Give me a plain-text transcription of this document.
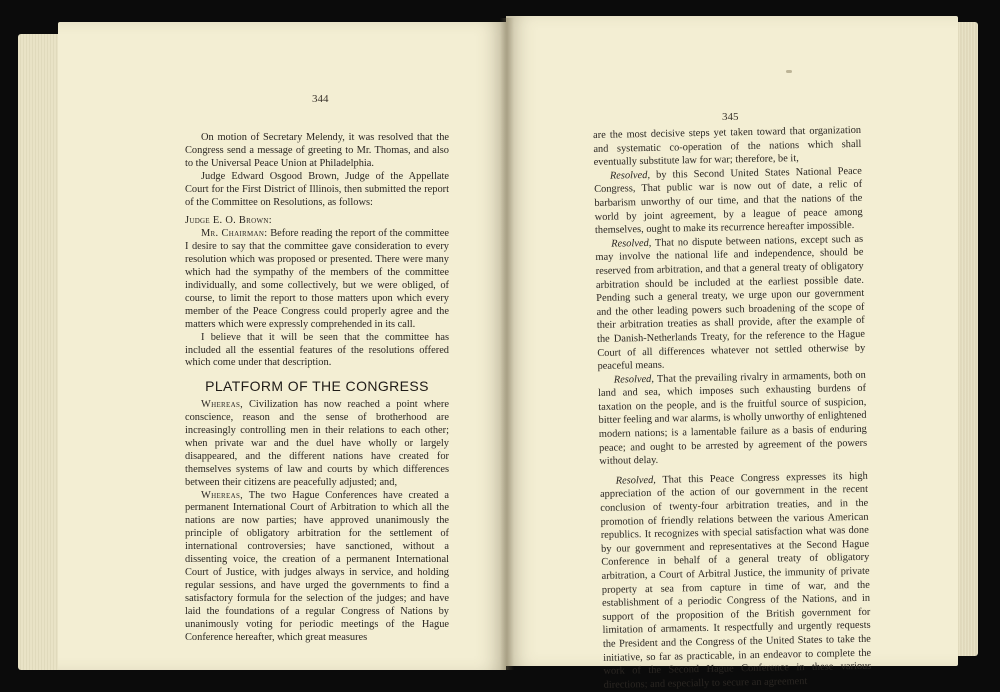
344
345

On motion of Secretary Melendy, it was resolved that the Congress send a message of greeting to Mr. Thomas, and also to the Universal Peace Union at Philadelphia.

Judge Edward Osgood Brown, Judge of the Appellate Court for the First District of Illinois, then submitted the report of the Committee on Resolutions, as follows:

Judge E. O. Brown:

Mr. Chairman: Before reading the report of the committee I desire to say that the committee gave consideration to every resolution which was proposed or presented. There were many which had the sympathy of the members of the committee individually, and some collectively, but we were obliged, of course, to limit the report to those matters upon which every member of the Peace Congress could properly agree and the matters which were expressly comprehended in its call.

I believe that it will be seen that the committee has included all the essential features of the resolutions offered which come under that description.

PLATFORM OF THE CONGRESS

Whereas, Civilization has now reached a point where conscience, reason and the sense of brotherhood are increasingly controlling men in their relations to each other; when private war and the duel have wholly or largely disappeared, and the different nations have created for themselves systems of law and courts by which differences between their citizens are peacefully adjusted; and,

Whereas, The two Hague Conferences have created a permanent International Court of Arbitration to which all the nations are now parties; have approved unanimously the principle of obligatory arbitration for the settlement of international controversies; have sanctioned, without a dissenting voice, the creation of a permanent International Court of Justice, with judges always in service, and holding regular sessions, and have urged the governments to find a satisfactory formula for the selection of the judges; and have laid the foundations of a regular Congress of Nations by unanimously voting for periodic meetings of the Hague Conference hereafter, which great measures

are the most decisive steps yet taken toward that organization and systematic co-operation of the nations which shall eventually substitute law for war; therefore, be it,

Resolved, by this Second United States National Peace Congress, That public war is now out of date, a relic of barbarism unworthy of our time, and that the nations of the world by joint agreement, by a league of peace among themselves, ought to make its recurrence hereafter impossible.

Resolved, That no dispute between nations, except such as may involve the national life and independence, should be reserved from arbitration, and that a general treaty of obligatory arbitration should be included at the earliest possible date. Pending such a general treaty, we urge upon our government and the other leading powers such broadening of the scope of their arbitration treaties as shall provide, after the example of the Danish-Netherlands Treaty, for the reference to the Hague Court of all differences whatever not settled otherwise by peaceful means.

Resolved, That the prevailing rivalry in armaments, both on land and sea, which imposes such exhausting burdens of taxation on the people, and is the fruitful source of suspicion, bitter feeling and war alarms, is wholly unworthy of enlightened modern nations; is a lamentable failure as a basis of enduring peace; and ought to be arrested by agreement of the powers without delay.

Resolved, That this Peace Congress expresses its high appreciation of the action of our government in the recent conclusion of twenty-four arbitration treaties, and in the promotion of friendly relations between the various American republics. It recognizes with special satisfaction what was done by our government and representatives at the Second Hague Conference in behalf of a general treaty of obligatory arbitration, a Court of Arbitral Justice, the immunity of private property at sea from capture in time of war, and the establishment of a periodic Congress of the Nations, and in support of the proposition of the British government for limitation of armaments. It respectfully and urgently requests the President and the Congress of the United States to take the initiative, so far as practicable, in an endeavor to complete the work of the Second Hague Conference in these various directions; and especially to secure an agreement
